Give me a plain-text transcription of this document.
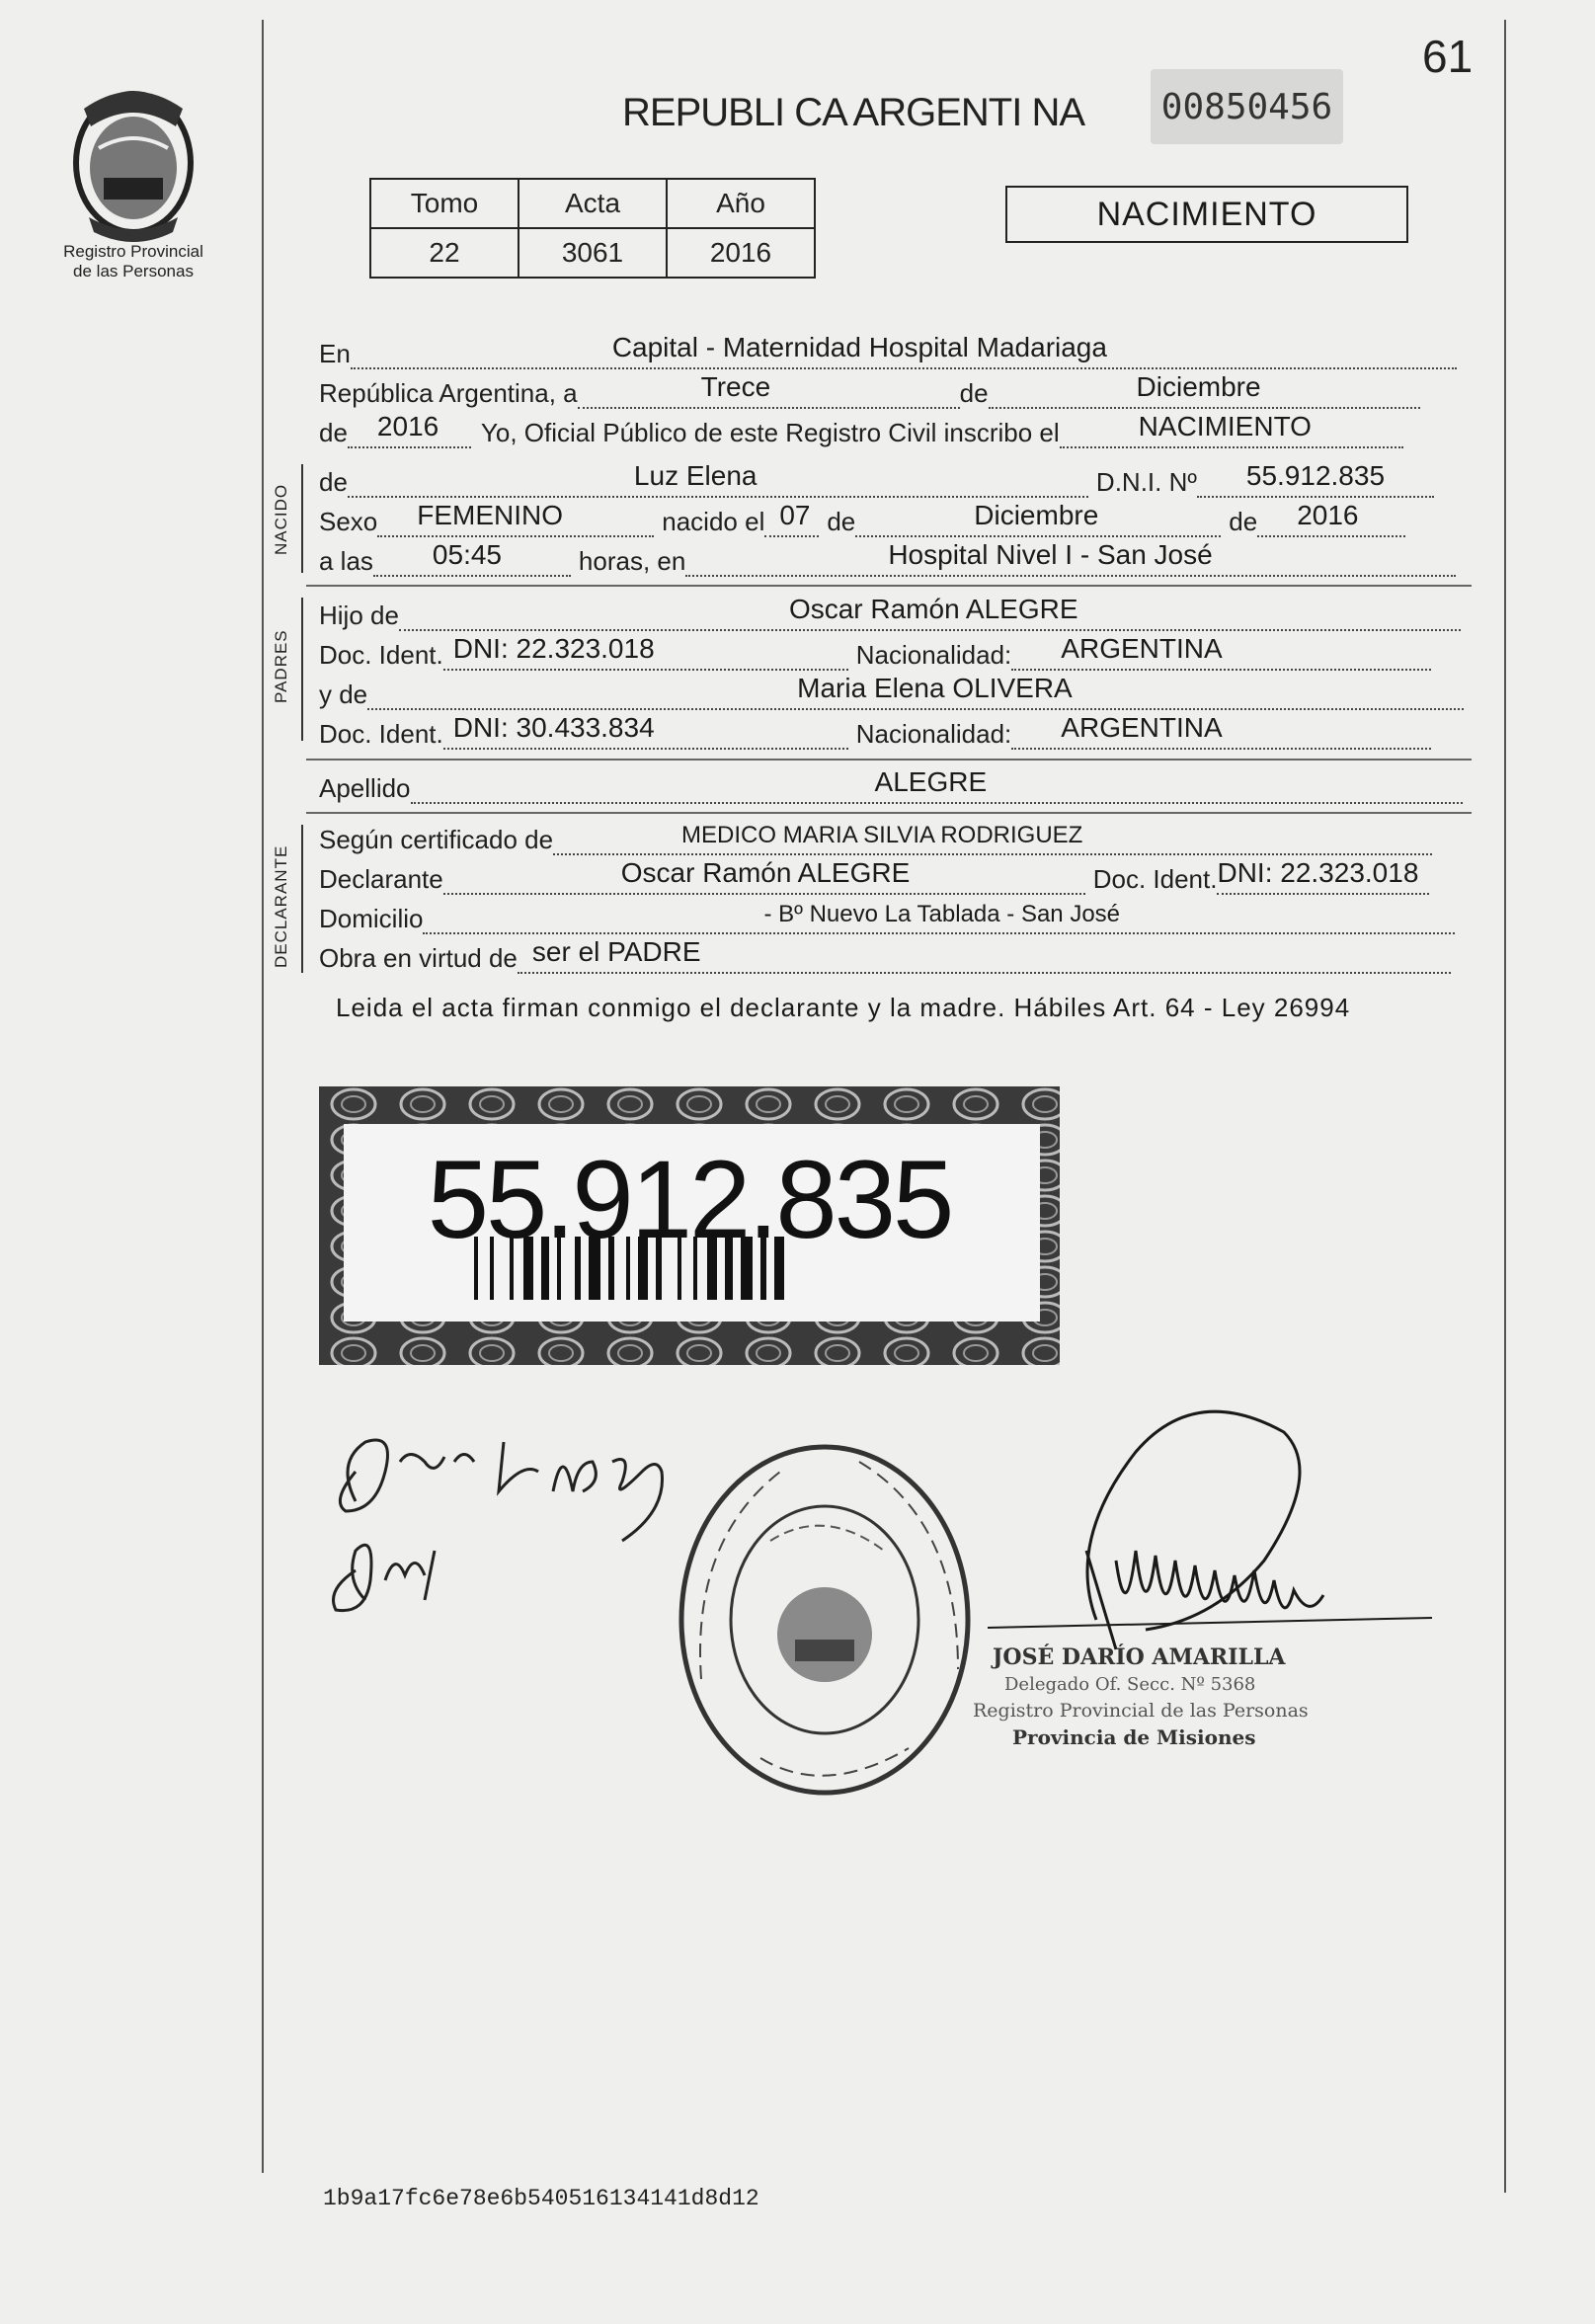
61
Registro Provincial
de las Personas
REPUBLI CA ARGENTI NA 00850456
Tomo	Acta	Año
22	3061	2016
NACIMIENTO
En	Capital - Maternidad Hospital Madariaga
República Argentina, a	Trece	de	Diciembre
de 2016 Yo, Oficial Público de este Registro Civil inscribo el	NACIMIENTO
NACIDO
de	Luz Elena	D.N.I. Nº 55.912.835
Sexo FEMENINO	nacido el 07 de	Diciembre	de 2016
a las 05:45	horas, en	Hospital Nivel I - San José
PADRES
Hijo de	Oscar Ramón ALEGRE
Doc. Ident. DNI: 22.323.018	Nacionalidad: ARGENTINA
y de	Maria Elena OLIVERA
Doc. Ident. DNI: 30.433.834	Nacionalidad: ARGENTINA
Apellido	ALEGRE
DECLARANTE
Según certificado de	MEDICO MARIA SILVIA RODRIGUEZ
Declarante	Oscar Ramón ALEGRE	Doc. Ident. DNI: 22.323.018
Domicilio	- Bº Nuevo La Tablada - San José
Obra en virtud de ser el PADRE
Leida el acta firman conmigo el declarante y la madre. Hábiles Art. 64 - Ley 26994
55.912.835
JOSÉ DARÍO AMARILLA
Delegado Of. Secc. Nº 5368
Registro Provincial de las Personas
Provincia de Misiones
1b9a17fc6e78e6b540516134141d8d12
